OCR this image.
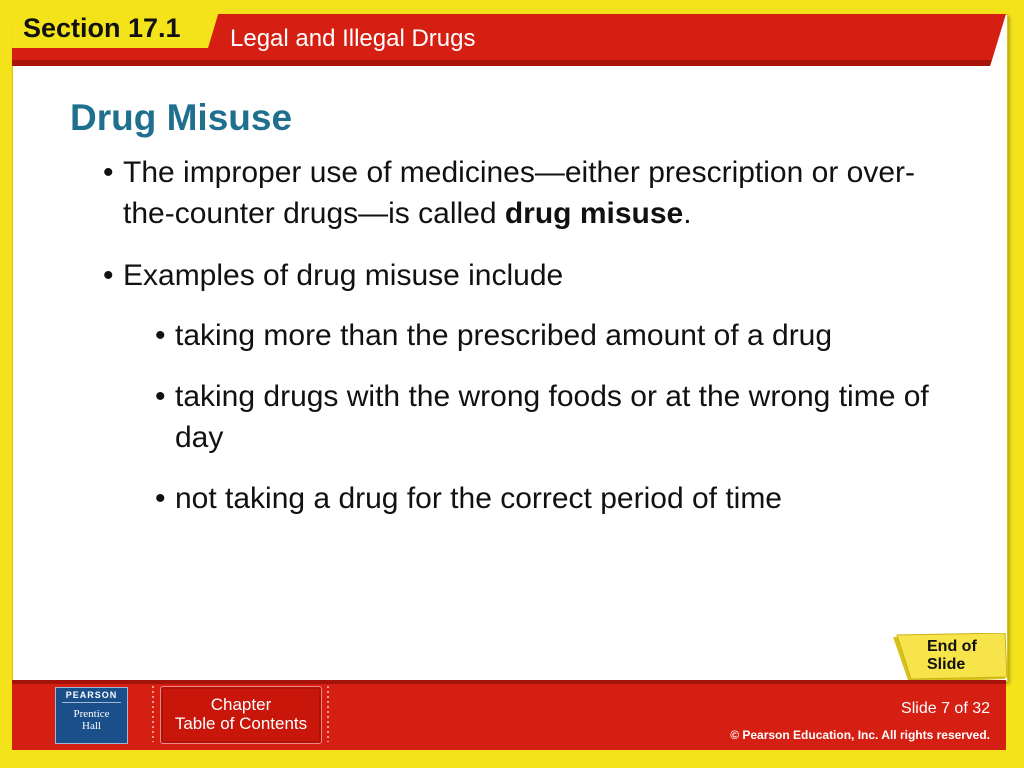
Section 17.1 Legal and Illegal Drugs
Drug Misuse
• The improper use of medicines—either prescription or over-the-counter drugs—is called drug misuse.
• Examples of drug misuse include
• taking more than the prescribed amount of a drug
• taking drugs with the wrong foods or at the wrong time of day
• not taking a drug for the correct period of time
End of
Slide
PEARSON
Prentice
Hall
Chapter
Table of Contents
Slide 7 of 32
© Pearson Education, Inc. All rights reserved.
